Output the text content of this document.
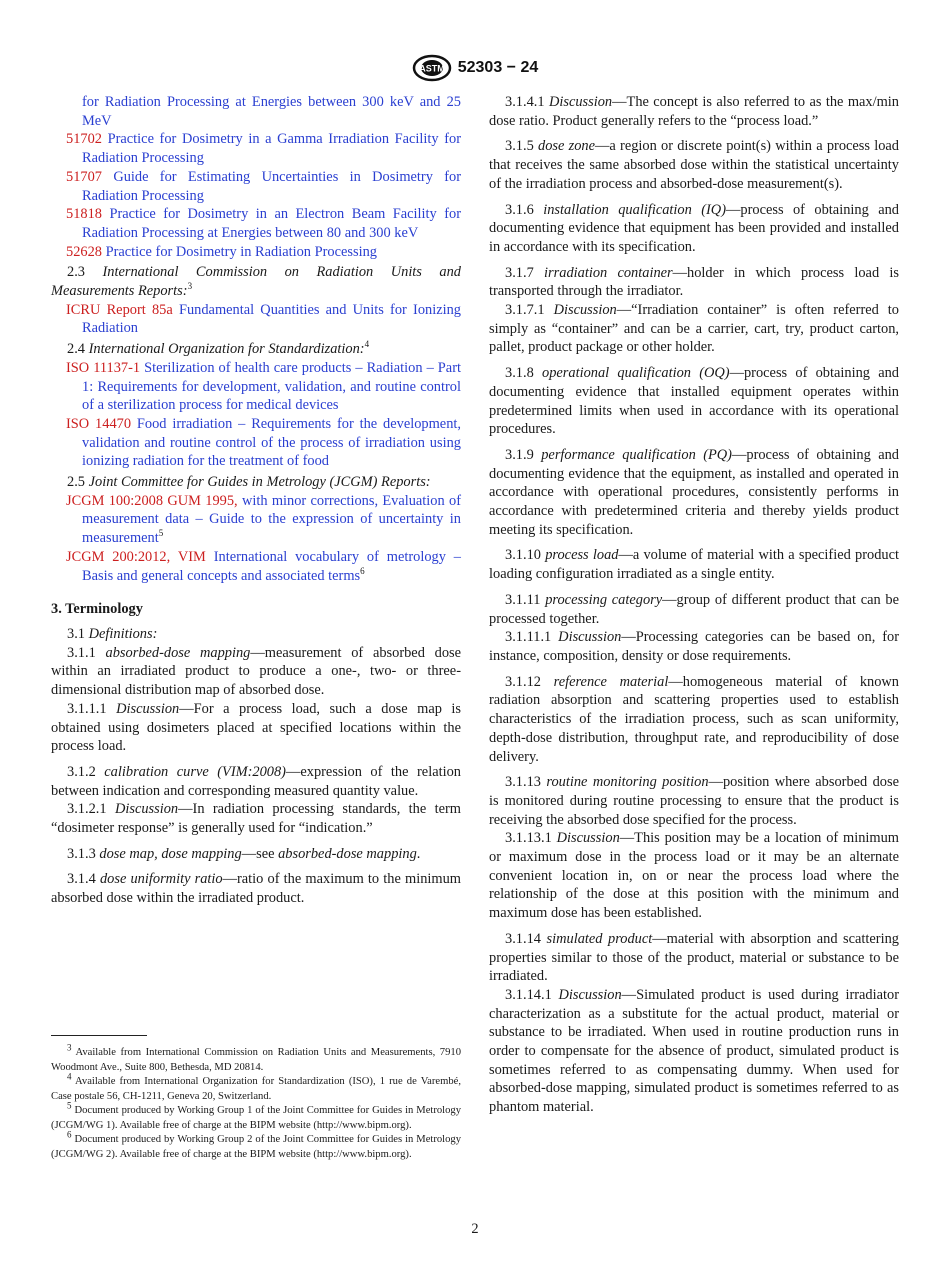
ASTM 52303 − 24

for Radiation Processing at Energies between 300 keV and 25 MeV

51702 Practice for Dosimetry in a Gamma Irradiation Facility for Radiation Processing

51707 Guide for Estimating Uncertainties in Dosimetry for Radiation Processing

51818 Practice for Dosimetry in an Electron Beam Facility for Radiation Processing at Energies between 80 and 300 keV

52628 Practice for Dosimetry in Radiation Processing

2.3 International Commission on Radiation Units and Measurements Reports:$^3$

ICRU Report 85a Fundamental Quantities and Units for Ionizing Radiation

2.4 International Organization for Standardization:$^4$

ISO 11137-1 Sterilization of health care products – Radiation – Part 1: Requirements for development, validation, and routine control of a sterilization process for medical devices

ISO 14470 Food irradiation – Requirements for the development, validation and routine control of the process of irradiation using ionizing radiation for the treatment of food

2.5 Joint Committee for Guides in Metrology (JCGM) Reports:

JCGM 100:2008 GUM 1995, with minor corrections, Evaluation of measurement data – Guide to the expression of uncertainty in measurement$^5$

JCGM 200:2012, VIM International vocabulary of metrology – Basis and general concepts and associated terms$^6$

3. Terminology

3.1 Definitions:

3.1.1 absorbed-dose mapping—measurement of absorbed dose within an irradiated product to produce a one-, two- or three-dimensional distribution map of absorbed dose.

3.1.1.1 Discussion—For a process load, such a dose map is obtained using dosimeters placed at specified locations within the process load.

3.1.2 calibration curve (VIM:2008)—expression of the relation between indication and corresponding measured quantity value.

3.1.2.1 Discussion—In radiation processing standards, the term “dosimeter response” is generally used for “indication.”

3.1.3 dose map, dose mapping—see absorbed-dose mapping.

3.1.4 dose uniformity ratio—ratio of the maximum to the minimum absorbed dose within the irradiated product.

$^3$ Available from International Commission on Radiation Units and Measurements, 7910 Woodmont Ave., Suite 800, Bethesda, MD 20814.

$^4$ Available from International Organization for Standardization (ISO), 1 rue de Varembé, Case postale 56, CH-1211, Geneva 20, Switzerland.

$^5$ Document produced by Working Group 1 of the Joint Committee for Guides in Metrology (JCGM/WG 1). Available free of charge at the BIPM website (http://www.bipm.org).

$^6$ Document produced by Working Group 2 of the Joint Committee for Guides in Metrology (JCGM/WG 2). Available free of charge at the BIPM website (http://www.bipm.org).

3.1.4.1 Discussion—The concept is also referred to as the max/min dose ratio. Product generally refers to the “process load.”

3.1.5 dose zone—a region or discrete point(s) within a process load that receives the same absorbed dose within the statistical uncertainty of the irradiation process and absorbed-dose measurement(s).

3.1.6 installation qualification (IQ)—process of obtaining and documenting evidence that equipment has been provided and installed in accordance with its specification.

3.1.7 irradiation container—holder in which process load is transported through the irradiator.

3.1.7.1 Discussion—“Irradiation container” is often referred to simply as “container” and can be a carrier, cart, try, product carton, pallet, product package or other holder.

3.1.8 operational qualification (OQ)—process of obtaining and documenting evidence that installed equipment operates within predetermined limits when used in accordance with its operational procedures.

3.1.9 performance qualification (PQ)—process of obtaining and documenting evidence that the equipment, as installed and operated in accordance with operational procedures, consistently performs in accordance with predetermined criteria and thereby yields product meeting its specification.

3.1.10 process load—a volume of material with a specified product loading configuration irradiated as a single entity.

3.1.11 processing category—group of different product that can be processed together.

3.1.11.1 Discussion—Processing categories can be based on, for instance, composition, density or dose requirements.

3.1.12 reference material—homogeneous material of known radiation absorption and scattering properties used to establish characteristics of the irradiation process, such as scan uniformity, depth-dose distribution, throughput rate, and reproducibility of dose delivery.

3.1.13 routine monitoring position—position where absorbed dose is monitored during routine processing to ensure that the product is receiving the absorbed dose specified for the process.

3.1.13.1 Discussion—This position may be a location of minimum or maximum dose in the process load or it may be an alternate convenient location in, on or near the process load where the relationship of the dose at this position with the minimum and maximum dose has been established.

3.1.14 simulated product—material with absorption and scattering properties similar to those of the product, material or substance to be irradiated.

3.1.14.1 Discussion—Simulated product is used during irradiator characterization as a substitute for the actual product, material or substance to be irradiated. When used in routine production runs in order to compensate for the absence of product, simulated product is sometimes referred to as compensating dummy. When used for absorbed-dose mapping, simulated product is sometimes referred to as phantom material.

2
